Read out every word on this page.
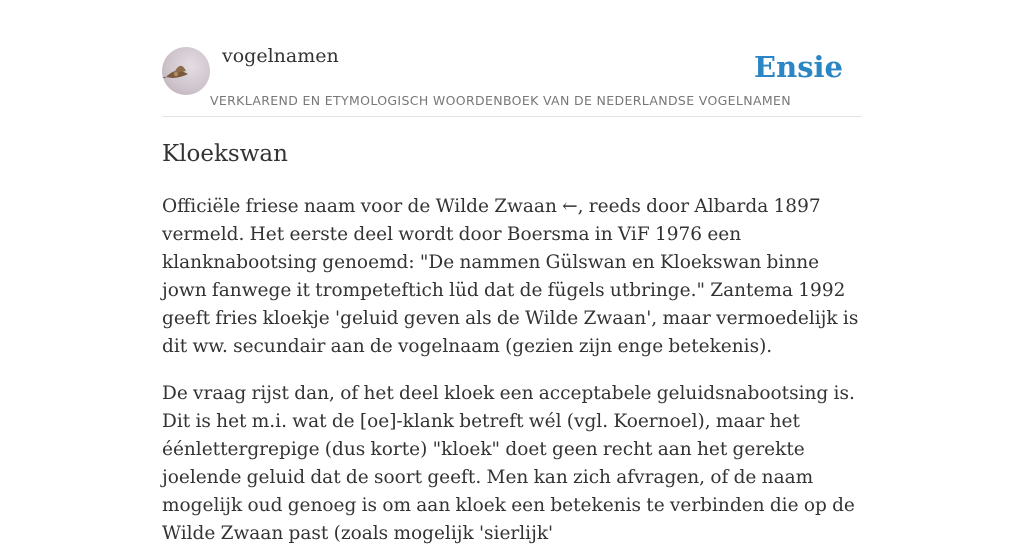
vogelnamen
VERKLAREND EN ETYMOLOGISCH WOORDENBOEK VAN DE NEDERLANDSE VOGELNAMEN
Ensie
Kloekswan

Officiële friese naam voor de Wilde Zwaan ←, reeds door Albarda 1897 vermeld. Het eerste deel wordt door Boersma in ViF 1976 een klanknabootsing genoemd: "De nammen Gülswan en Kloekswan binne jown fanwege it trompeteftich lüd dat de fügels utbringe." Zantema 1992 geeft fries kloekje 'geluid geven als de Wilde Zwaan', maar vermoedelijk is dit ww. secundair aan de vogelnaam (gezien zijn enge betekenis).

De vraag rijst dan, of het deel kloek een acceptabele geluidsnabootsing is. Dit is het m.i. wat de [oe]-klank betreft wél (vgl. Koernoel), maar het éénlettergrepige (dus korte) "kloek" doet geen recht aan het gerekte joelende geluid dat de soort geeft. Men kan zich afvragen, of de naam mogelijk oud genoeg is om aan kloek een betekenis te verbinden die op de Wilde Zwaan past (zoals mogelijk 'sierlijk'
